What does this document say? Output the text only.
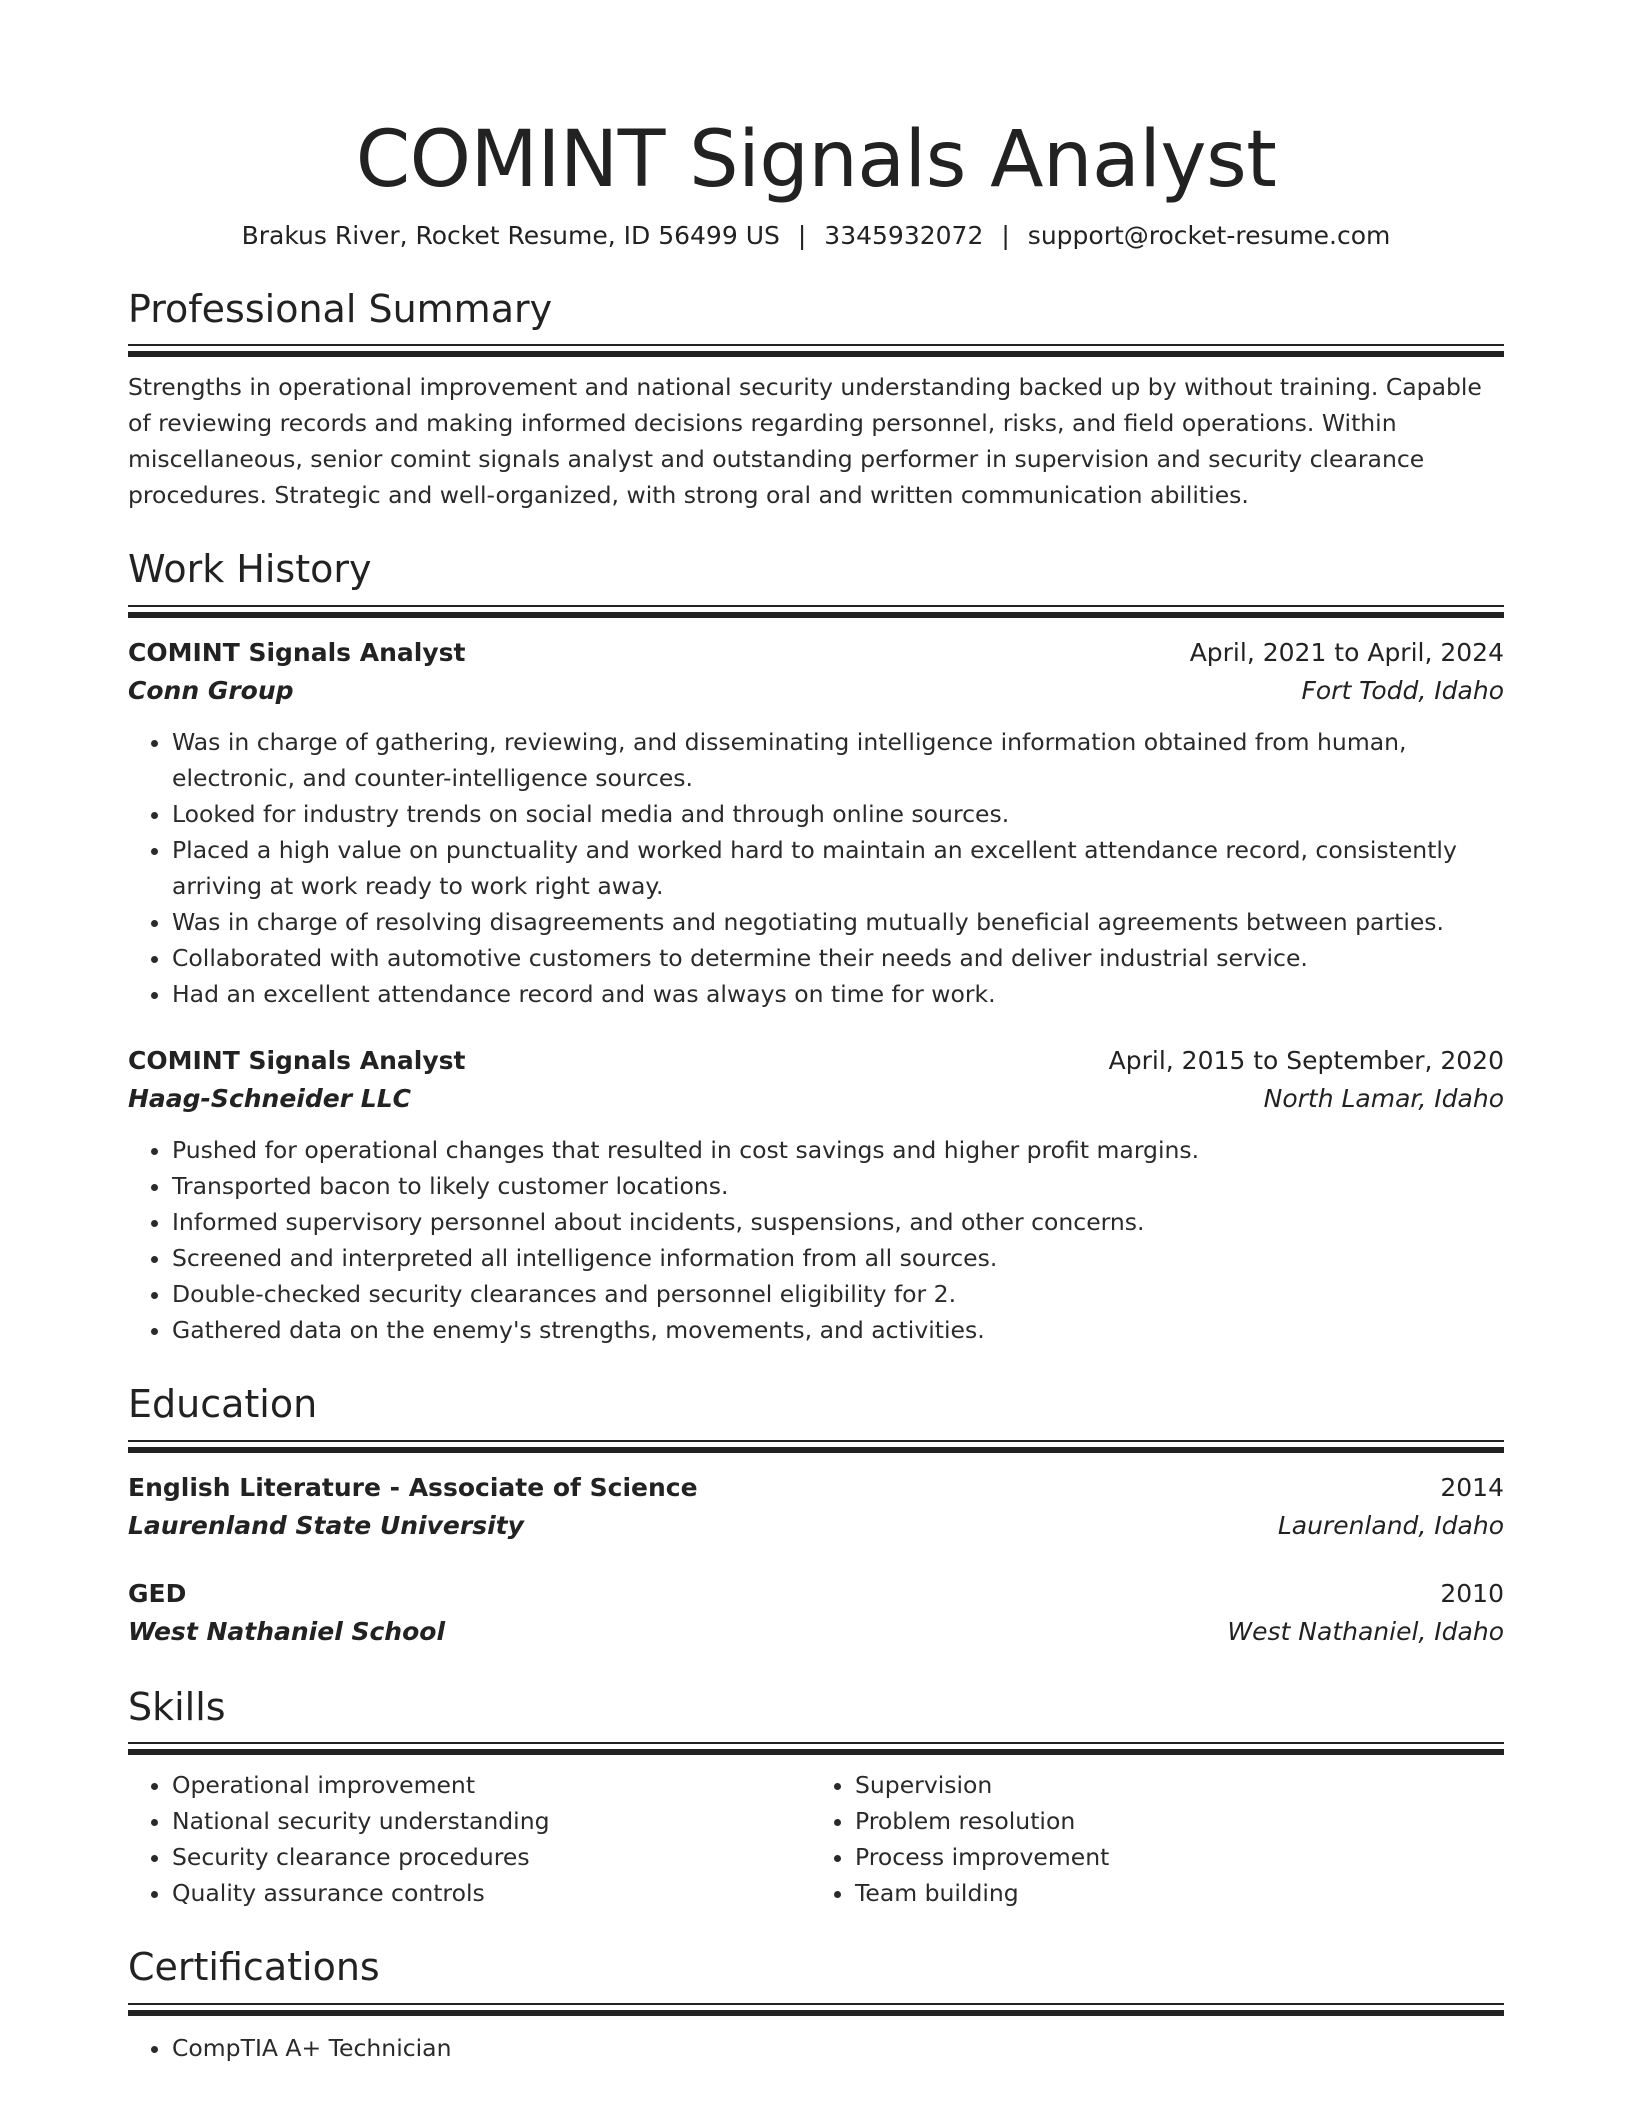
COMINT Signals Analyst
Brakus River, Rocket Resume, ID 56499 US | 3345932072 | support@rocket-resume.com
Professional Summary
Strengths in operational improvement and national security understanding backed up by without training. Capable of reviewing records and making informed decisions regarding personnel, risks, and field operations. Within miscellaneous, senior comint signals analyst and outstanding performer in supervision and security clearance procedures. Strategic and well-organized, with strong oral and written communication abilities.
Work History
COMINT Signals Analyst	April, 2021 to April, 2024
Conn Group	Fort Todd, Idaho
• Was in charge of gathering, reviewing, and disseminating intelligence information obtained from human, electronic, and counter-intelligence sources.
• Looked for industry trends on social media and through online sources.
• Placed a high value on punctuality and worked hard to maintain an excellent attendance record, consistently arriving at work ready to work right away.
• Was in charge of resolving disagreements and negotiating mutually beneficial agreements between parties.
• Collaborated with automotive customers to determine their needs and deliver industrial service.
• Had an excellent attendance record and was always on time for work.
COMINT Signals Analyst	April, 2015 to September, 2020
Haag-Schneider LLC	North Lamar, Idaho
• Pushed for operational changes that resulted in cost savings and higher profit margins.
• Transported bacon to likely customer locations.
• Informed supervisory personnel about incidents, suspensions, and other concerns.
• Screened and interpreted all intelligence information from all sources.
• Double-checked security clearances and personnel eligibility for 2.
• Gathered data on the enemy's strengths, movements, and activities.
Education
English Literature - Associate of Science	2014
Laurenland State University	Laurenland, Idaho
GED	2010
West Nathaniel School	West Nathaniel, Idaho
Skills
• Operational improvement
• National security understanding
• Security clearance procedures
• Quality assurance controls
• Supervision
• Problem resolution
• Process improvement
• Team building
Certifications
• CompTIA A+ Technician
